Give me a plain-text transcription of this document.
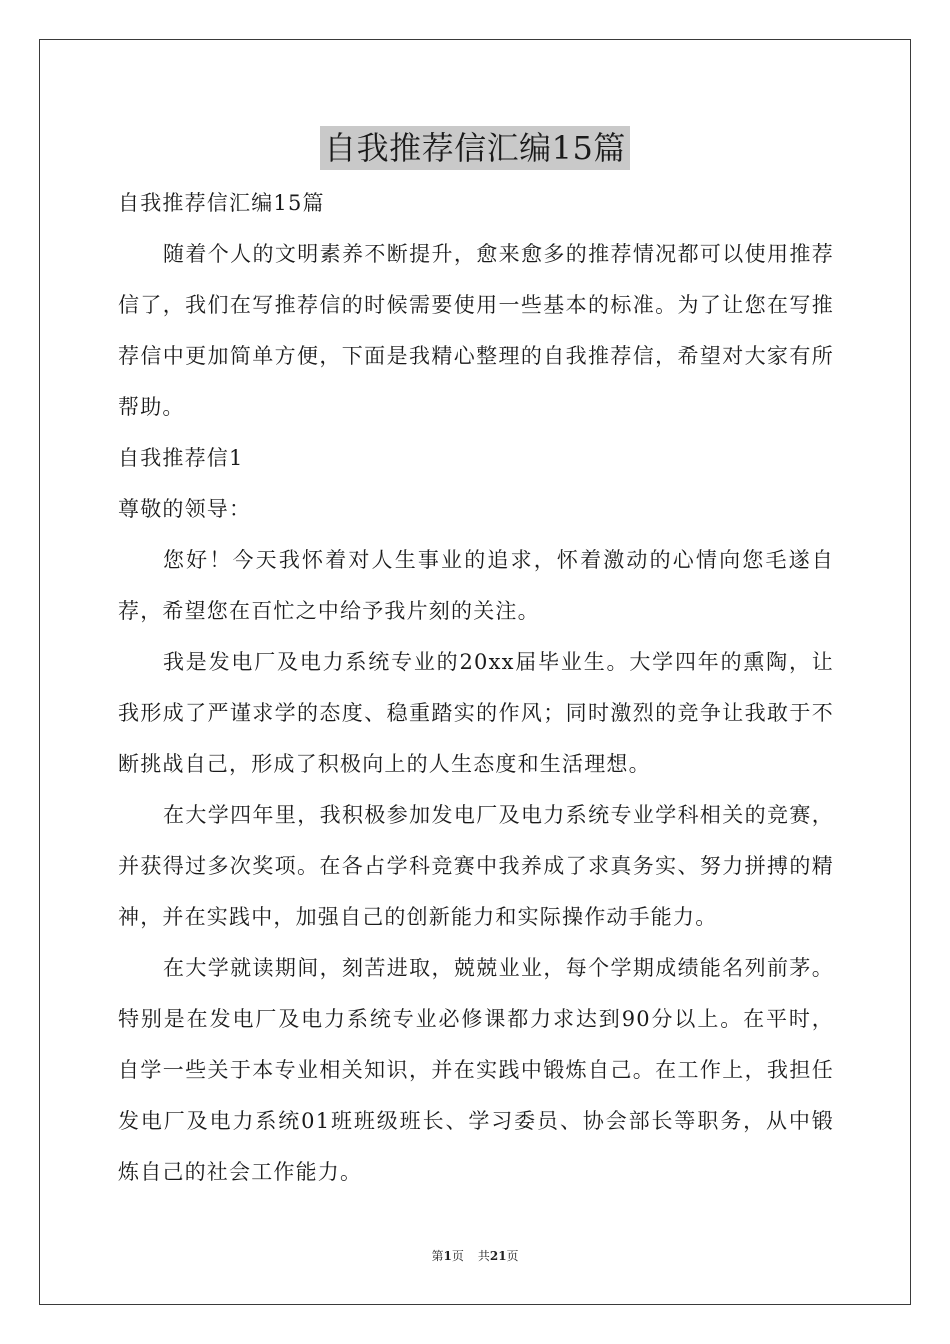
自我推荐信汇编15篇

自我推荐信汇编15篇

随着个人的文明素养不断提升，愈来愈多的推荐情况都可以使用推荐信了，我们在写推荐信的时候需要使用一些基本的标准。为了让您在写推荐信中更加简单方便，下面是我精心整理的自我推荐信，希望对大家有所帮助。

自我推荐信1

尊敬的领导：

您好！今天我怀着对人生事业的追求，怀着激动的心情向您毛遂自荐，希望您在百忙之中给予我片刻的关注。

我是发电厂及电力系统专业的20xx届毕业生。大学四年的熏陶，让我形成了严谨求学的态度、稳重踏实的作风；同时激烈的竞争让我敢于不断挑战自己，形成了积极向上的人生态度和生活理想。

在大学四年里，我积极参加发电厂及电力系统专业学科相关的竞赛，并获得过多次奖项。在各占学科竞赛中我养成了求真务实、努力拼搏的精神，并在实践中，加强自己的创新能力和实际操作动手能力。

在大学就读期间，刻苦进取，兢兢业业，每个学期成绩能名列前茅。特别是在发电厂及电力系统专业必修课都力求达到90分以上。在平时，自学一些关于本专业相关知识，并在实践中锻炼自己。在工作上，我担任发电厂及电力系统01班班级班长、学习委员、协会部长等职务，从中锻炼自己的社会工作能力。

第1页 共21页
